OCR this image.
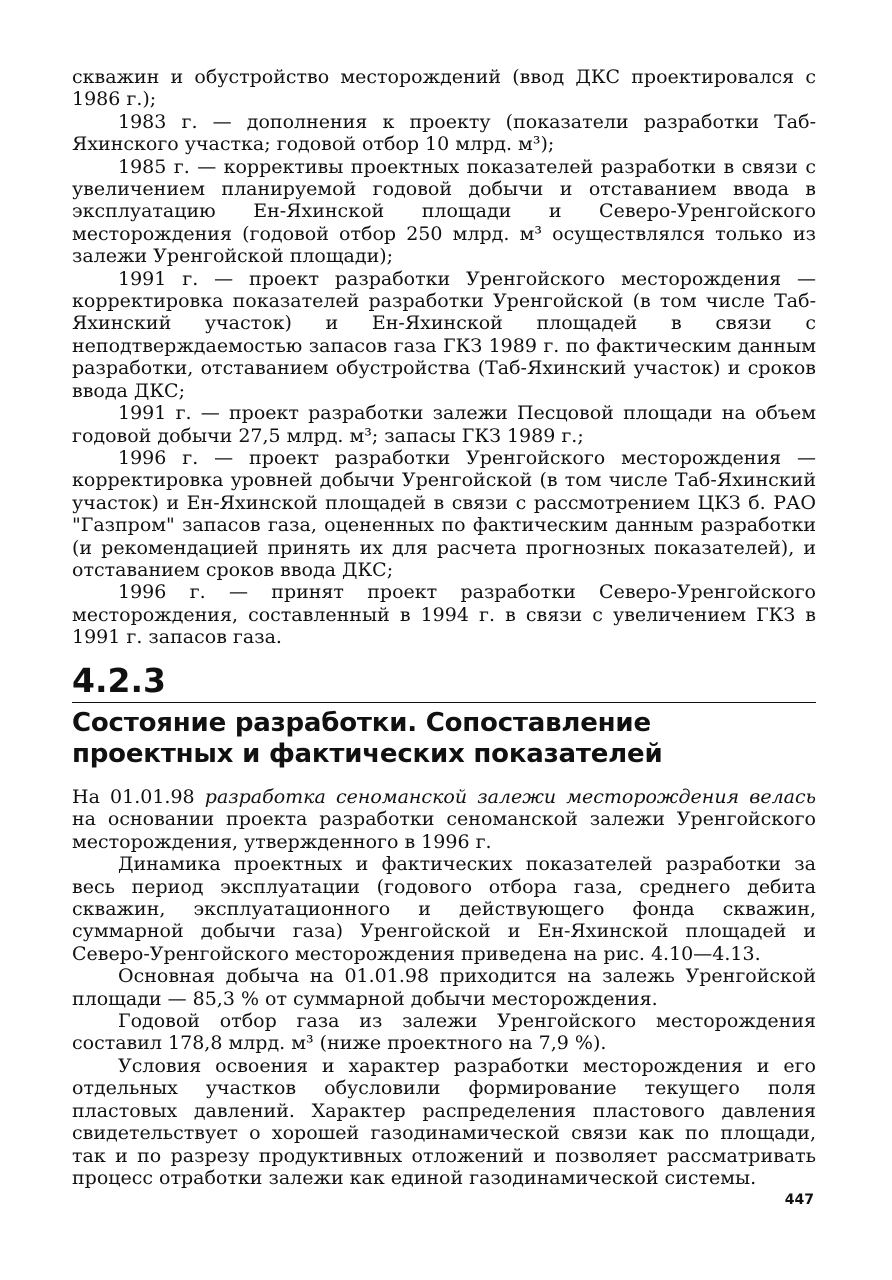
скважин и обустройство месторождений (ввод ДКС проектировался с 1986 г.);

1983 г. — дополнения к проекту (показатели разработки Таб-Яхинского участка; годовой отбор 10 млрд. м³);

1985 г. — коррективы проектных показателей разработки в связи с увеличением планируемой годовой добычи и отставанием ввода в эксплуатацию Ен-Яхинской площади и Северо-Уренгойского месторождения (годовой отбор 250 млрд. м³ осуществлялся только из залежи Уренгойской площади);

1991 г. — проект разработки Уренгойского месторождения — корректировка показателей разработки Уренгойской (в том числе Таб-Яхинский участок) и Ен-Яхинской площадей в связи с неподтверждаемостью запасов газа ГКЗ 1989 г. по фактическим данным разработки, отставанием обустройства (Таб-Яхинский участок) и сроков ввода ДКС;

1991 г. — проект разработки залежи Песцовой площади на объем годовой добычи 27,5 млрд. м³; запасы ГКЗ 1989 г.;

1996 г. — проект разработки Уренгойского месторождения — корректировка уровней добычи Уренгойской (в том числе Таб-Яхинский участок) и Ен-Яхинской площадей в связи с рассмотрением ЦКЗ б. РАО "Газпром" запасов газа, оцененных по фактическим данным разработки (и рекомендацией принять их для расчета прогнозных показателей), и отставанием сроков ввода ДКС;

1996 г. — принят проект разработки Северо-Уренгойского месторождения, составленный в 1994 г. в связи с увеличением ГКЗ в 1991 г. запасов газа.

4.2.3

Состояние разработки. Сопоставление проектных и фактических показателей

На 01.01.98 разработка сеноманской залежи месторождения велась на основании проекта разработки сеноманской залежи Уренгойского месторождения, утвержденного в 1996 г.

Динамика проектных и фактических показателей разработки за весь период эксплуатации (годового отбора газа, среднего дебита скважин, эксплуатационного и действующего фонда скважин, суммарной добычи газа) Уренгойской и Ен-Яхинской площадей и Северо-Уренгойского месторождения приведена на рис. 4.10—4.13.

Основная добыча на 01.01.98 приходится на залежь Уренгойской площади — 85,3 % от суммарной добычи месторождения.

Годовой отбор газа из залежи Уренгойского месторождения составил 178,8 млрд. м³ (ниже проектного на 7,9 %).

Условия освоения и характер разработки месторождения и его отдельных участков обусловили формирование текущего поля пластовых давлений. Характер распределения пластового давления свидетельствует о хорошей газодинамической связи как по площади, так и по разрезу продуктивных отложений и позволяет рассматривать процесс отработки залежи как единой газодинамической системы.

447
